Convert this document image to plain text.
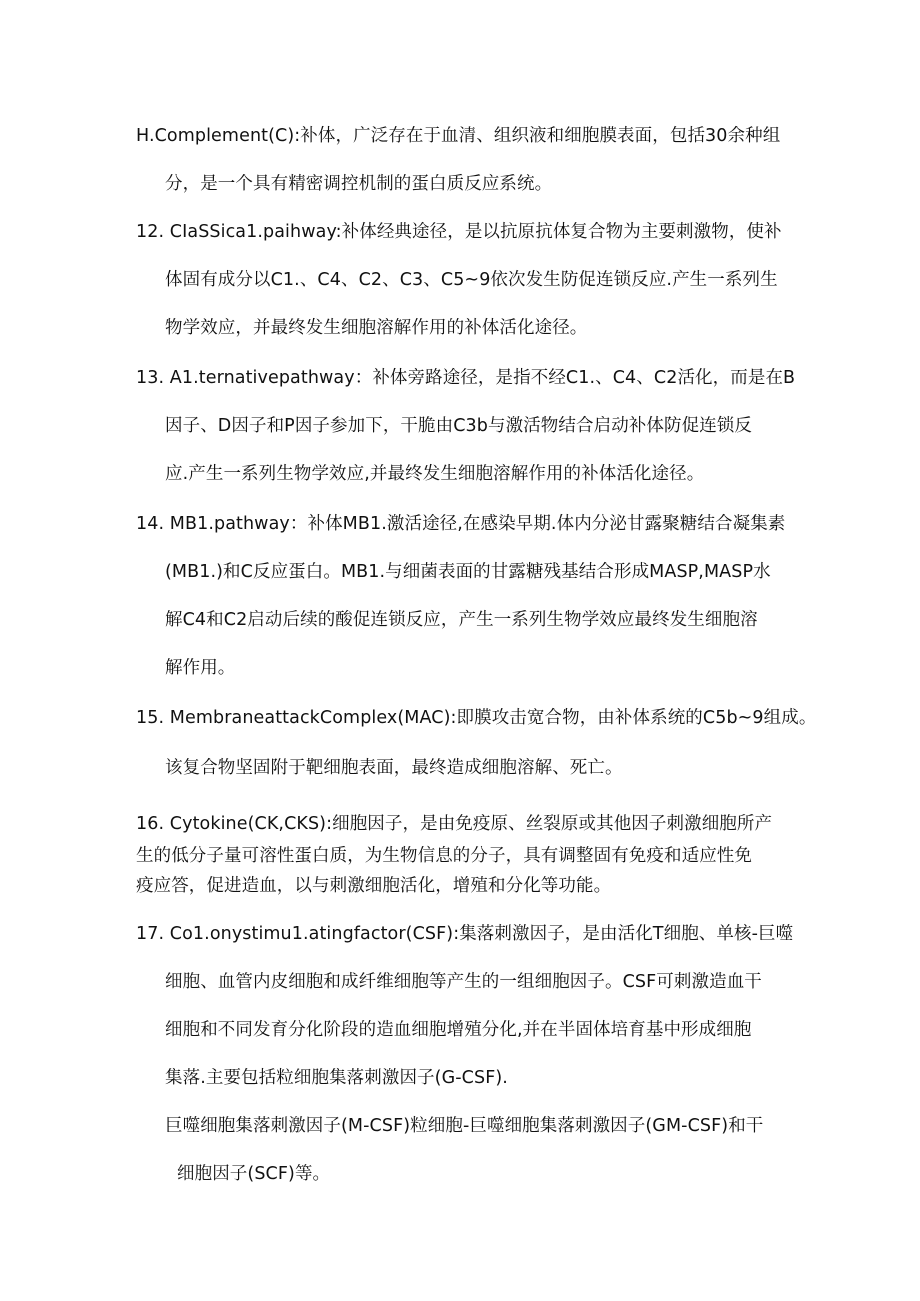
H.Complement(C):补体，广泛存在于血清、组织液和细胞膜表面，包括30余种组
分，是一个具有精密调控机制的蛋白质反应系统。
12. CIaSSica1.paihway:补体经典途径，是以抗原抗体复合物为主要刺激物，使补
体固有成分以C1.、C4、C2、C3、C5~9依次发生防促连锁反应.产生一系列生
物学效应，并最终发生细胞溶解作用的补体活化途径。
13. A1.ternativepathway：补体旁路途径，是指不经C1.、C4、C2活化，而是在B
因子、D因子和P因子参加下，干脆由C3b与激活物结合启动补体防促连锁反
应.产生一系列生物学效应,并最终发生细胞溶解作用的补体活化途径。
14. MB1.pathway：补体MB1.激活途径,在感染早期.体内分泌甘露聚糖结合凝集素
(MB1.)和C反应蛋白。MB1.与细菌表面的甘露糖残基结合形成MASP,MASP水
解C4和C2启动后续的酸促连锁反应，产生一系列生物学效应最终发生细胞溶
解作用。
15. MembraneattackComplex(MAC):即膜攻击宽合物，由补体系统的C5b~9组成。
该复合物坚固附于靶细胞表面，最终造成细胞溶解、死亡。
16. Cytokine(CK,CKS):细胞因子，是由免疫原、丝裂原或其他因子刺激细胞所产
生的低分子量可溶性蛋白质，为生物信息的分子，具有调整固有免疫和适应性免
疫应答，促进造血，以与刺激细胞活化，增殖和分化等功能。
17. Co1.onystimu1.atingfactor(CSF):集落刺激因子，是由活化T细胞、单核-巨噬
细胞、血管内皮细胞和成纤维细胞等产生的一组细胞因子。CSF可刺激造血干
细胞和不同发育分化阶段的造血细胞增殖分化,并在半固体培育基中形成细胞
集落.主要包括粒细胞集落刺激因子(G-CSF).
巨噬细胞集落刺激因子(M-CSF)粒细胞-巨噬细胞集落刺激因子(GM-CSF)和干
细胞因子(SCF)等。
